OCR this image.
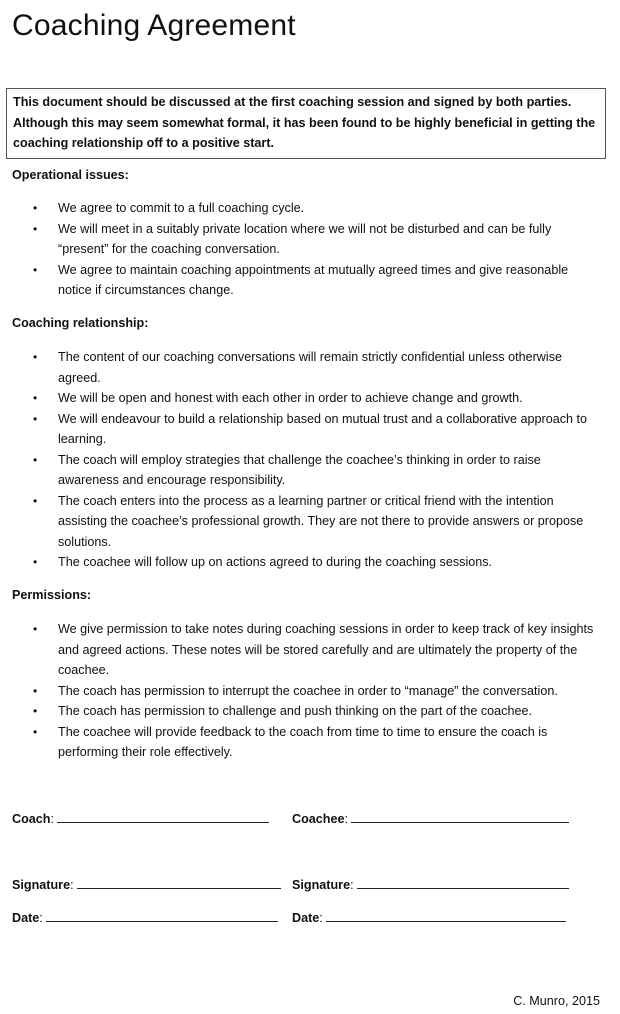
Coaching Agreement
This document should be discussed at the first coaching session and signed by both parties. Although this may seem somewhat formal, it has been found to be highly beneficial in getting the coaching relationship off to a positive start.
Operational issues:
• We agree to commit to a full coaching cycle.
• We will meet in a suitably private location where we will not be disturbed and can be fully “present” for the coaching conversation.
• We agree to maintain coaching appointments at mutually agreed times and give reasonable notice if circumstances change.
Coaching relationship:
• The content of our coaching conversations will remain strictly confidential unless otherwise agreed.
• We will be open and honest with each other in order to achieve change and growth.
• We will endeavour to build a relationship based on mutual trust and a collaborative approach to learning.
• The coach will employ strategies that challenge the coachee’s thinking in order to raise awareness and encourage responsibility.
• The coach enters into the process as a learning partner or critical friend with the intention assisting the coachee’s professional growth. They are not there to provide answers or propose solutions.
• The coachee will follow up on actions agreed to during the coaching sessions.
Permissions:
• We give permission to take notes during coaching sessions in order to keep track of key insights and agreed actions. These notes will be stored carefully and are ultimately the property of the coachee.
• The coach has permission to interrupt the coachee in order to “manage” the conversation.
• The coach has permission to challenge and push thinking on the part of the coachee.
• The coachee will provide feedback to the coach from time to time to ensure the coach is performing their role effectively.
Coach:	Coachee:
Signature:	Signature:
Date:	Date:
C. Munro, 2015
